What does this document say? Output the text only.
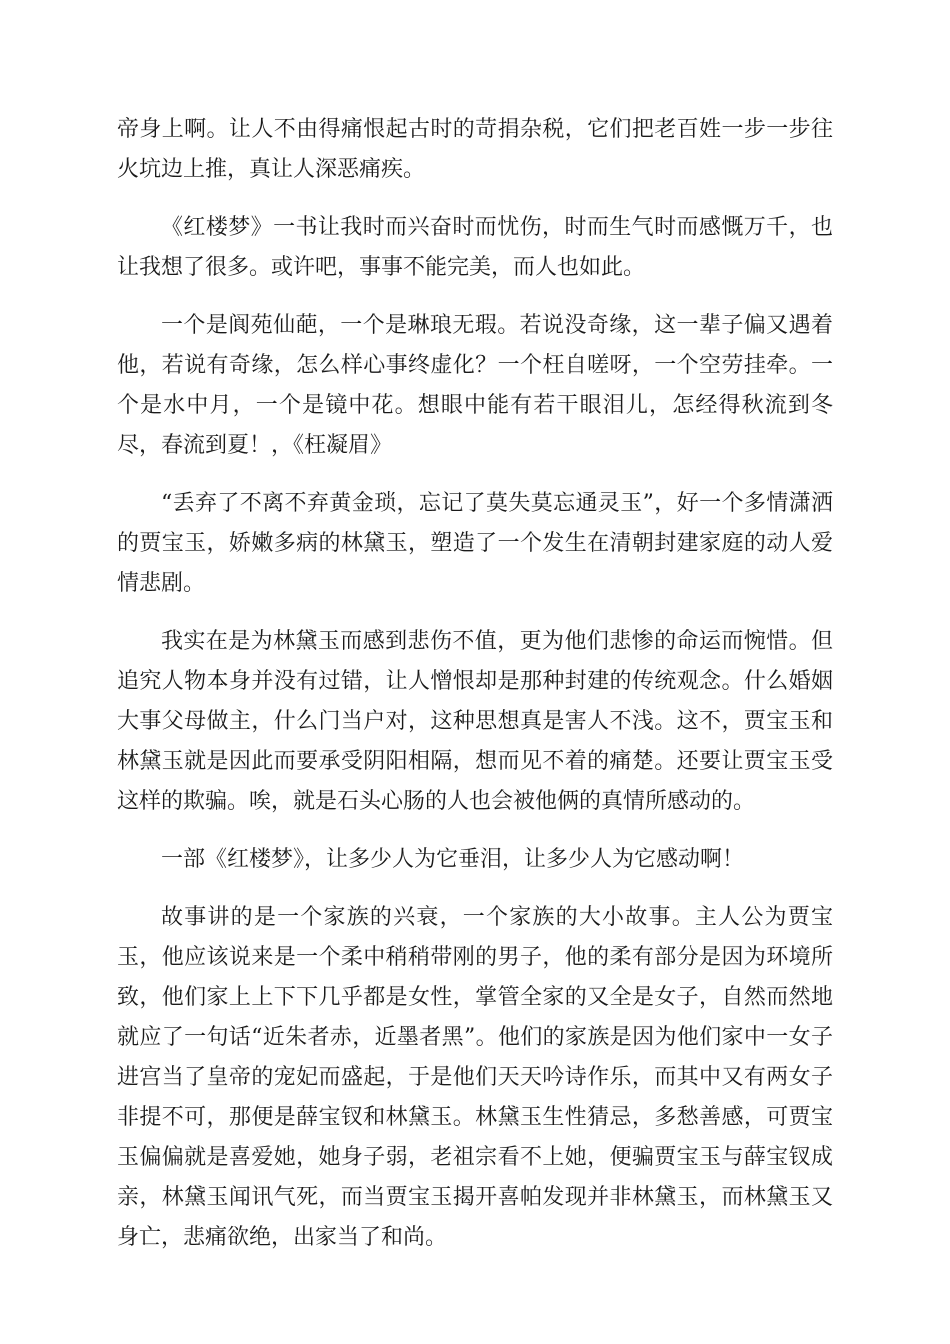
帝身上啊。让人不由得痛恨起古时的苛捐杂税，它们把老百姓一步一步往火坑边上推，真让人深恶痛疾。

《红楼梦》一书让我时而兴奋时而忧伤，时而生气时而感慨万千，也让我想了很多。或许吧，事事不能完美，而人也如此。

一个是阆苑仙葩，一个是琳琅无瑕。若说没奇缘，这一辈子偏又遇着他，若说有奇缘，怎么样心事终虚化？一个枉自嗟呀，一个空劳挂牵。一个是水中月，一个是镜中花。想眼中能有若干眼泪儿，怎经得秋流到冬尽，春流到夏！，《枉凝眉》

“丢弃了不离不弃黄金琐，忘记了莫失莫忘通灵玉”，好一个多情潇洒的贾宝玉，娇嫩多病的林黛玉，塑造了一个发生在清朝封建家庭的动人爱情悲剧。

我实在是为林黛玉而感到悲伤不值，更为他们悲惨的命运而惋惜。但追究人物本身并没有过错，让人憎恨却是那种封建的传统观念。什么婚姻大事父母做主，什么门当户对，这种思想真是害人不浅。这不，贾宝玉和林黛玉就是因此而要承受阴阳相隔，想而见不着的痛楚。还要让贾宝玉受这样的欺骗。唉，就是石头心肠的人也会被他俩的真情所感动的。

一部《红楼梦》，让多少人为它垂泪，让多少人为它感动啊！

故事讲的是一个家族的兴衰，一个家族的大小故事。主人公为贾宝玉，他应该说来是一个柔中稍稍带刚的男子，他的柔有部分是因为环境所致，他们家上上下下几乎都是女性，掌管全家的又全是女子，自然而然地就应了一句话“近朱者赤，近墨者黑”。他们的家族是因为他们家中一女子进宫当了皇帝的宠妃而盛起，于是他们天天吟诗作乐，而其中又有两女子非提不可，那便是薛宝钗和林黛玉。林黛玉生性猜忌，多愁善感，可贾宝玉偏偏就是喜爱她，她身子弱，老祖宗看不上她，便骗贾宝玉与薛宝钗成亲，林黛玉闻讯气死，而当贾宝玉揭开喜帕发现并非林黛玉，而林黛玉又身亡，悲痛欲绝，出家当了和尚。
